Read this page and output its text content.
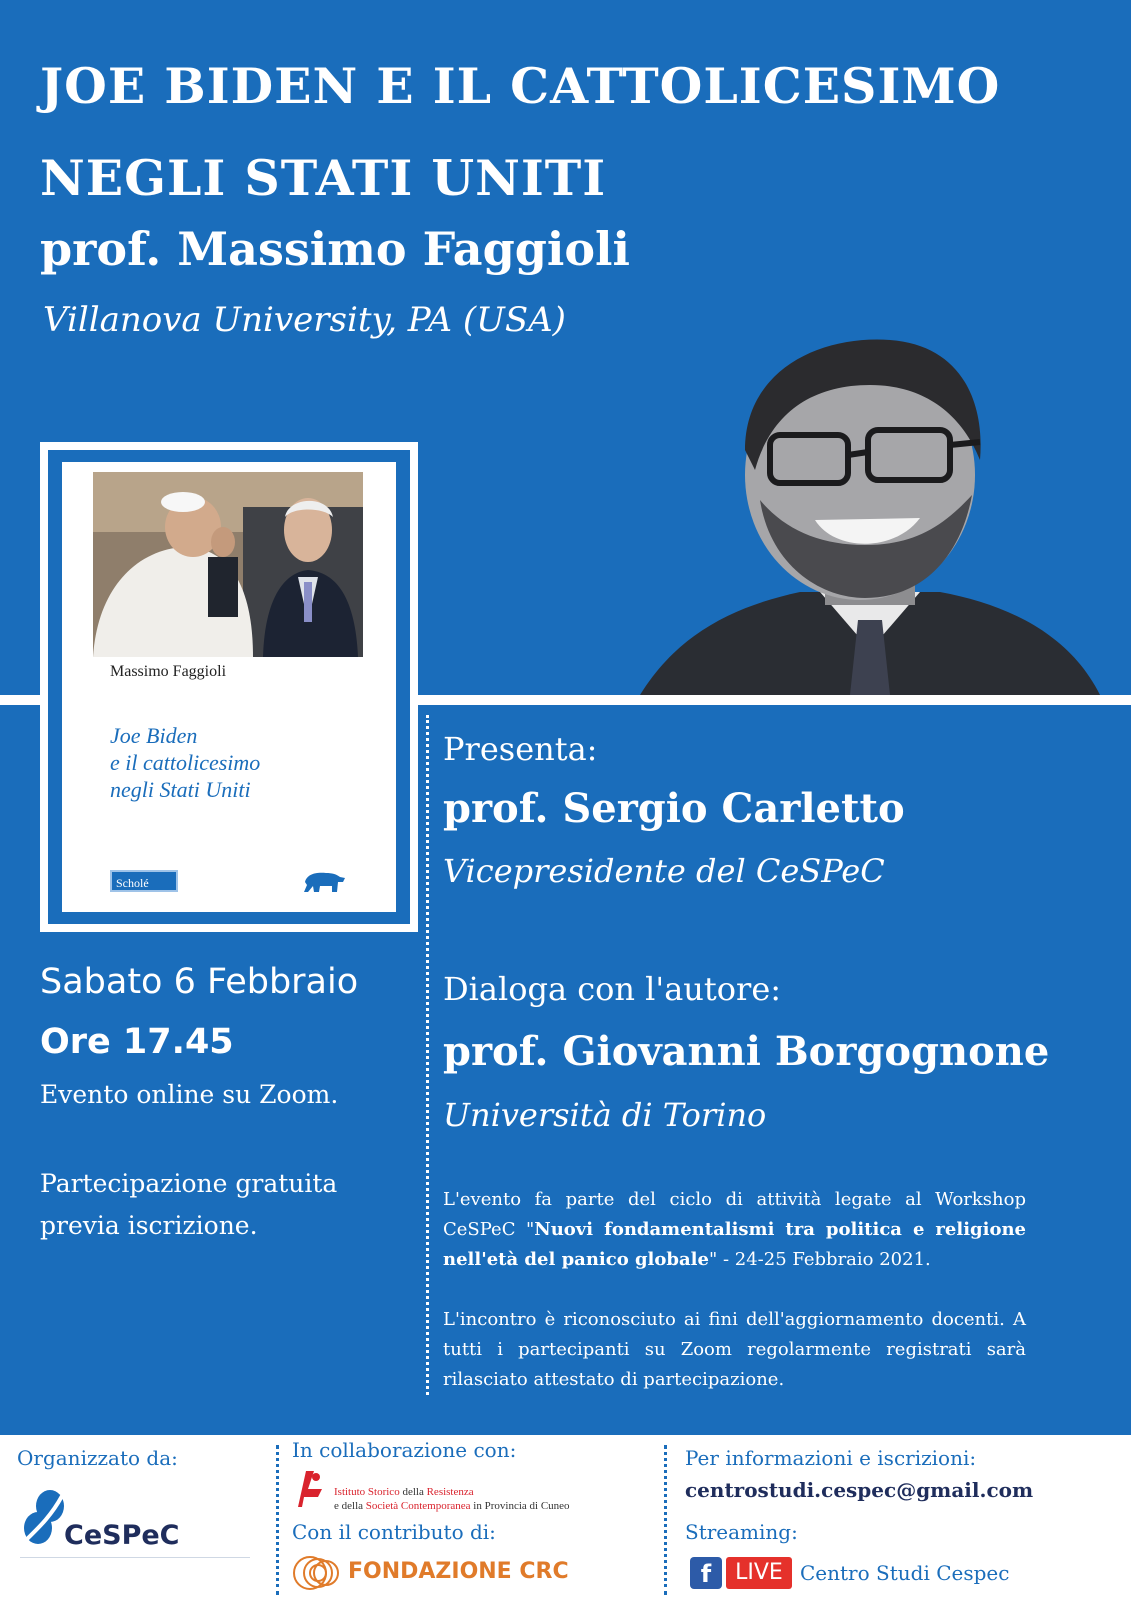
JOE BIDEN E IL CATTOLICESIMO
NEGLI STATI UNITI

prof. Massimo Faggioli

Villanova University, PA (USA)

Massimo Faggioli

Joe Biden
e il cattolicesimo
negli Stati Uniti

Scholé

Sabato 6 Febbraio

Ore 17.45

Evento online su Zoom.

Partecipazione gratuita previa iscrizione.

Presenta:

prof. Sergio Carletto

Vicepresidente del CeSPeC

Dialoga con l'autore:

prof. Giovanni Borgognone

Università di Torino

L'evento fa parte del ciclo di attività legate al Workshop CeSPeC "Nuovi fondamentalismi tra politica e religione nell'età del panico globale" - 24-25 Febbraio 2021.

L'incontro è riconosciuto ai fini dell'aggiornamento docenti. A tutti i partecipanti su Zoom regolarmente registrati sarà rilasciato attestato di partecipazione.

Organizzato da:

CeSPeC

In collaborazione con:

Istituto Storico della Resistenza
e della Società Contemporanea in Provincia di Cuneo

Con il contributo di:

FONDAZIONE CRC

Per informazioni e iscrizioni:

centrostudi.cespec@gmail.com

Streaming:

f	LIVE Centro Studi Cespec
